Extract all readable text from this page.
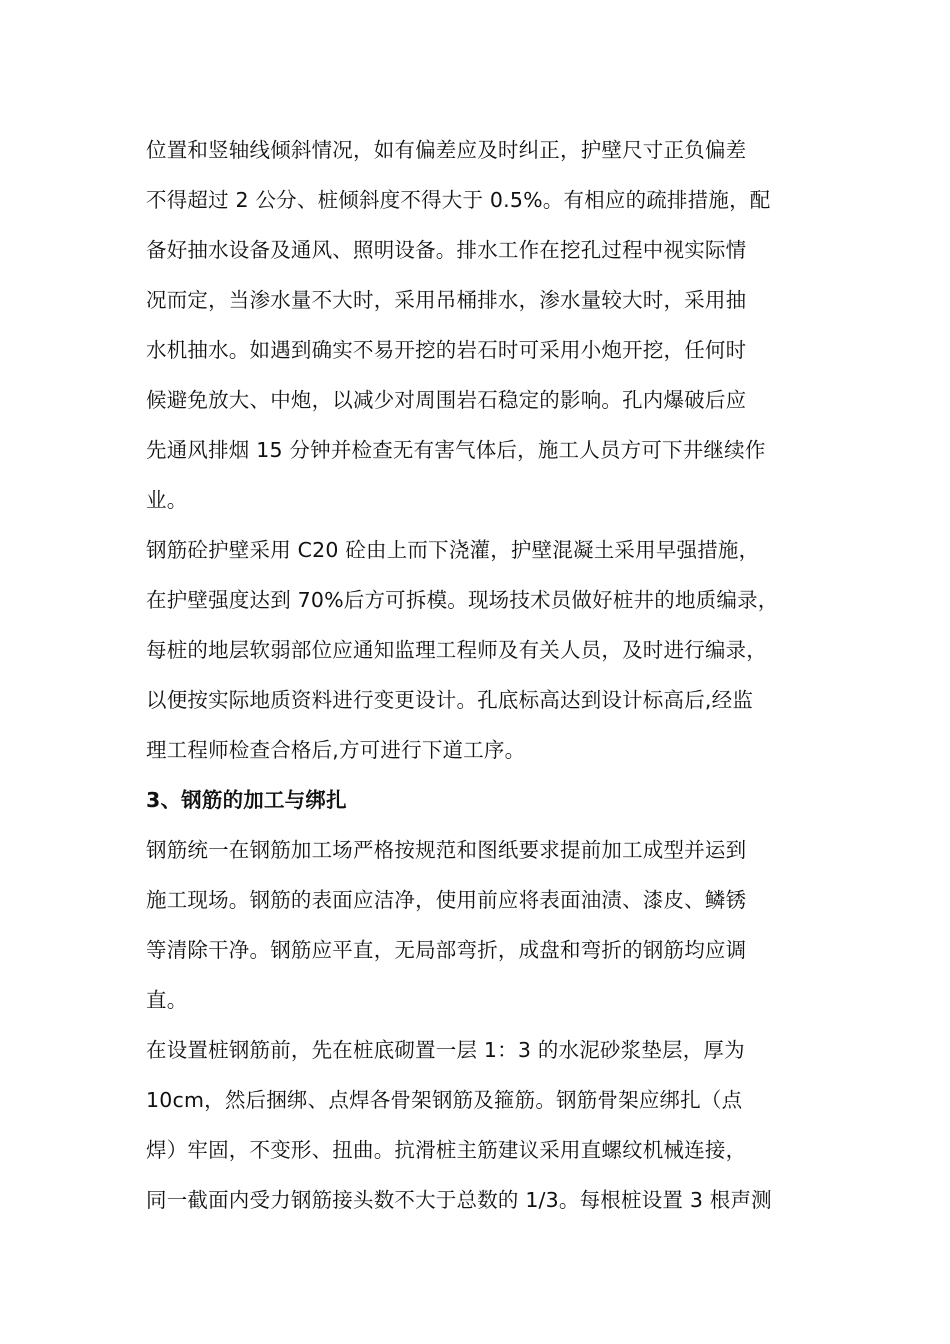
位置和竖轴线倾斜情况，如有偏差应及时纠正，护壁尺寸正负偏差
不得超过 2 公分、桩倾斜度不得大于 0.5%。有相应的疏排措施，配
备好抽水设备及通风、照明设备。排水工作在挖孔过程中视实际情
况而定，当渗水量不大时，采用吊桶排水，渗水量较大时，采用抽
水机抽水。如遇到确实不易开挖的岩石时可采用小炮开挖，任何时
候避免放大、中炮，以减少对周围岩石稳定的影响。孔内爆破后应
先通风排烟 15 分钟并检查无有害气体后，施工人员方可下井继续作
业。
钢筋砼护壁采用 C20 砼由上而下浇灌，护壁混凝土采用早强措施，
在护壁强度达到 70%后方可拆模。现场技术员做好桩井的地质编录，
每桩的地层软弱部位应通知监理工程师及有关人员，及时进行编录，
以便按实际地质资料进行变更设计。孔底标高达到设计标高后,经监
理工程师检查合格后,方可进行下道工序。
3、钢筋的加工与绑扎
钢筋统一在钢筋加工场严格按规范和图纸要求提前加工成型并运到
施工现场。钢筋的表面应洁净，使用前应将表面油渍、漆皮、鳞锈
等清除干净。钢筋应平直，无局部弯折，成盘和弯折的钢筋均应调
直。
在设置桩钢筋前，先在桩底砌置一层 1：3 的水泥砂浆垫层，厚为
10cm，然后捆绑、点焊各骨架钢筋及箍筋。钢筋骨架应绑扎（点
焊）牢固，不变形、扭曲。抗滑桩主筋建议采用直螺纹机械连接，
同一截面内受力钢筋接头数不大于总数的 1/3。每根桩设置 3 根声测
